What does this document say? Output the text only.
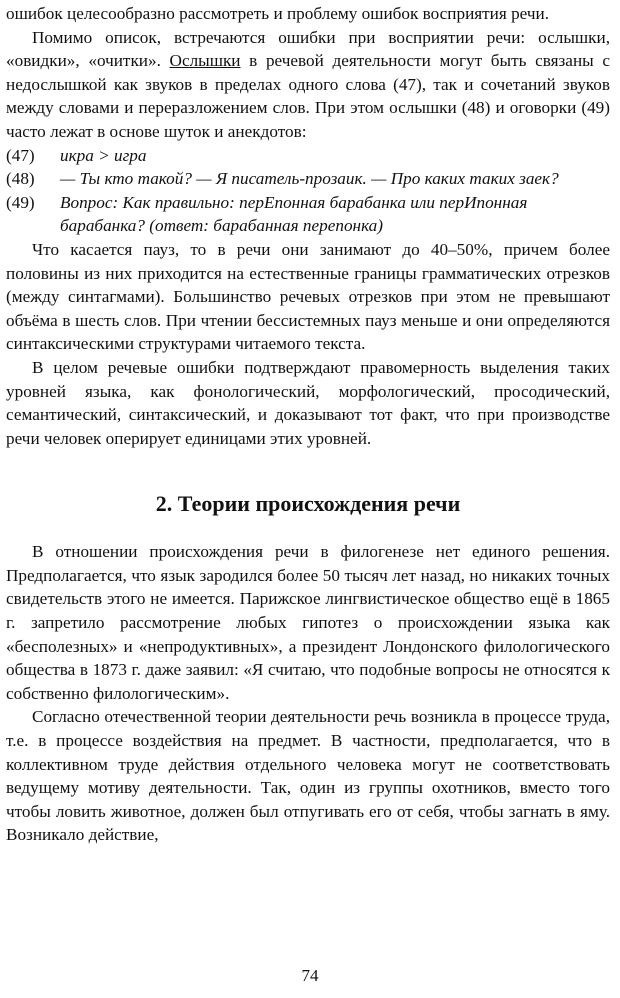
ошибок целесообразно рассмотреть и проблему ошибок восприятия речи.

Помимо описок, встречаются ошибки при восприятии речи: ослышки, «овидки», «очитки». Ослышки в речевой деятельности могут быть связаны с недослышкой как звуков в пределах одного слова (47), так и сочетаний звуков между словами и переразложением слов. При этом ослышки (48) и оговорки (49) часто лежат в основе шуток и анекдотов:

(47)	икра > игра
(48)	— Ты кто такой? — Я писатель-прозаик. — Про каких таких заек?
(49)	Вопрос: Как правильно: перЕпонная барабанка или перИпонная барабанка? (ответ: барабанная перепонка)

Что касается пауз, то в речи они занимают до 40–50%, причем более половины из них приходится на естественные границы грамматических отрезков (между синтагмами). Большинство речевых отрезков при этом не превышают объёма в шесть слов. При чтении бессистемных пауз меньше и они определяются синтаксическими структурами читаемого текста.

В целом речевые ошибки подтверждают правомерность выделения таких уровней языка, как фонологический, морфологический, просодический, семантический, синтаксический, и доказывают тот факт, что при производстве речи человек оперирует единицами этих уровней.

2. Теории происхождения речи

В отношении происхождения речи в филогенезе нет единого решения. Предполагается, что язык зародился более 50 тысяч лет назад, но никаких точных свидетельств этого не имеется. Парижское лингвистическое общество ещё в 1865 г. запретило рассмотрение любых гипотез о происхождении языка как «бесполезных» и «непродуктивных», а президент Лондонского филологического общества в 1873 г. даже заявил: «Я считаю, что подобные вопросы не относятся к собственно филологическим».

Согласно отечественной теории деятельности речь возникла в процессе труда, т.е. в процессе воздействия на предмет. В частности, предполагается, что в коллективном труде действия отдельного человека могут не соответствовать ведущему мотиву деятельности. Так, один из группы охотников, вместо того чтобы ловить животное, должен был отпугивать его от себя, чтобы загнать в яму. Возникало действие,

74
